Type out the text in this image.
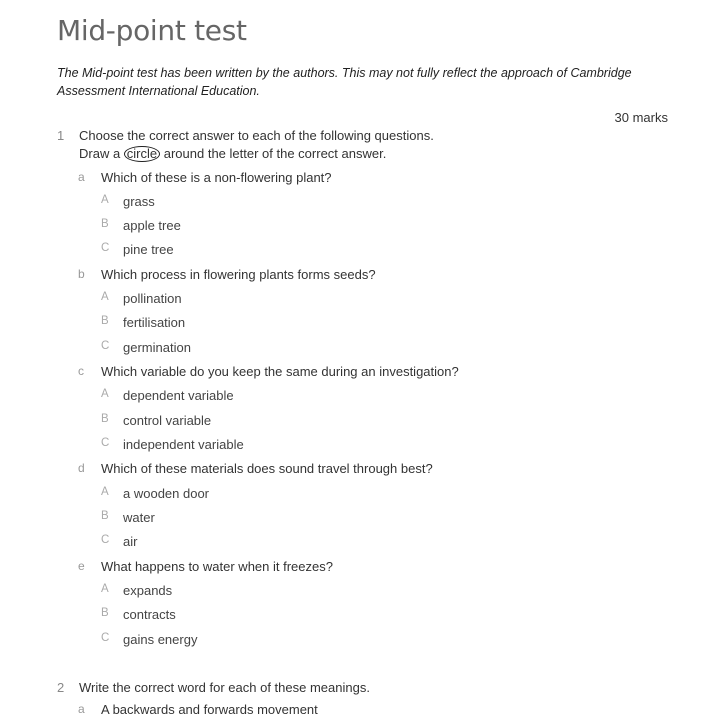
Mid-point test
The Mid-point test has been written by the authors. This may not fully reflect the approach of Cambridge Assessment International Education.
30 marks
1 Choose the correct answer to each of the following questions.
Draw a circle around the letter of the correct answer.
a Which of these is a non-flowering plant?
A grass
B apple tree
C pine tree
b Which process in flowering plants forms seeds?
A pollination
B fertilisation
C germination
c Which variable do you keep the same during an investigation?
A dependent variable
B control variable
C independent variable
d Which of these materials does sound travel through best?
A a wooden door
B water
C air
e What happens to water when it freezes?
A expands
B contracts
C gains energy
2 Write the correct word for each of these meanings.
a A backwards and forwards movement
